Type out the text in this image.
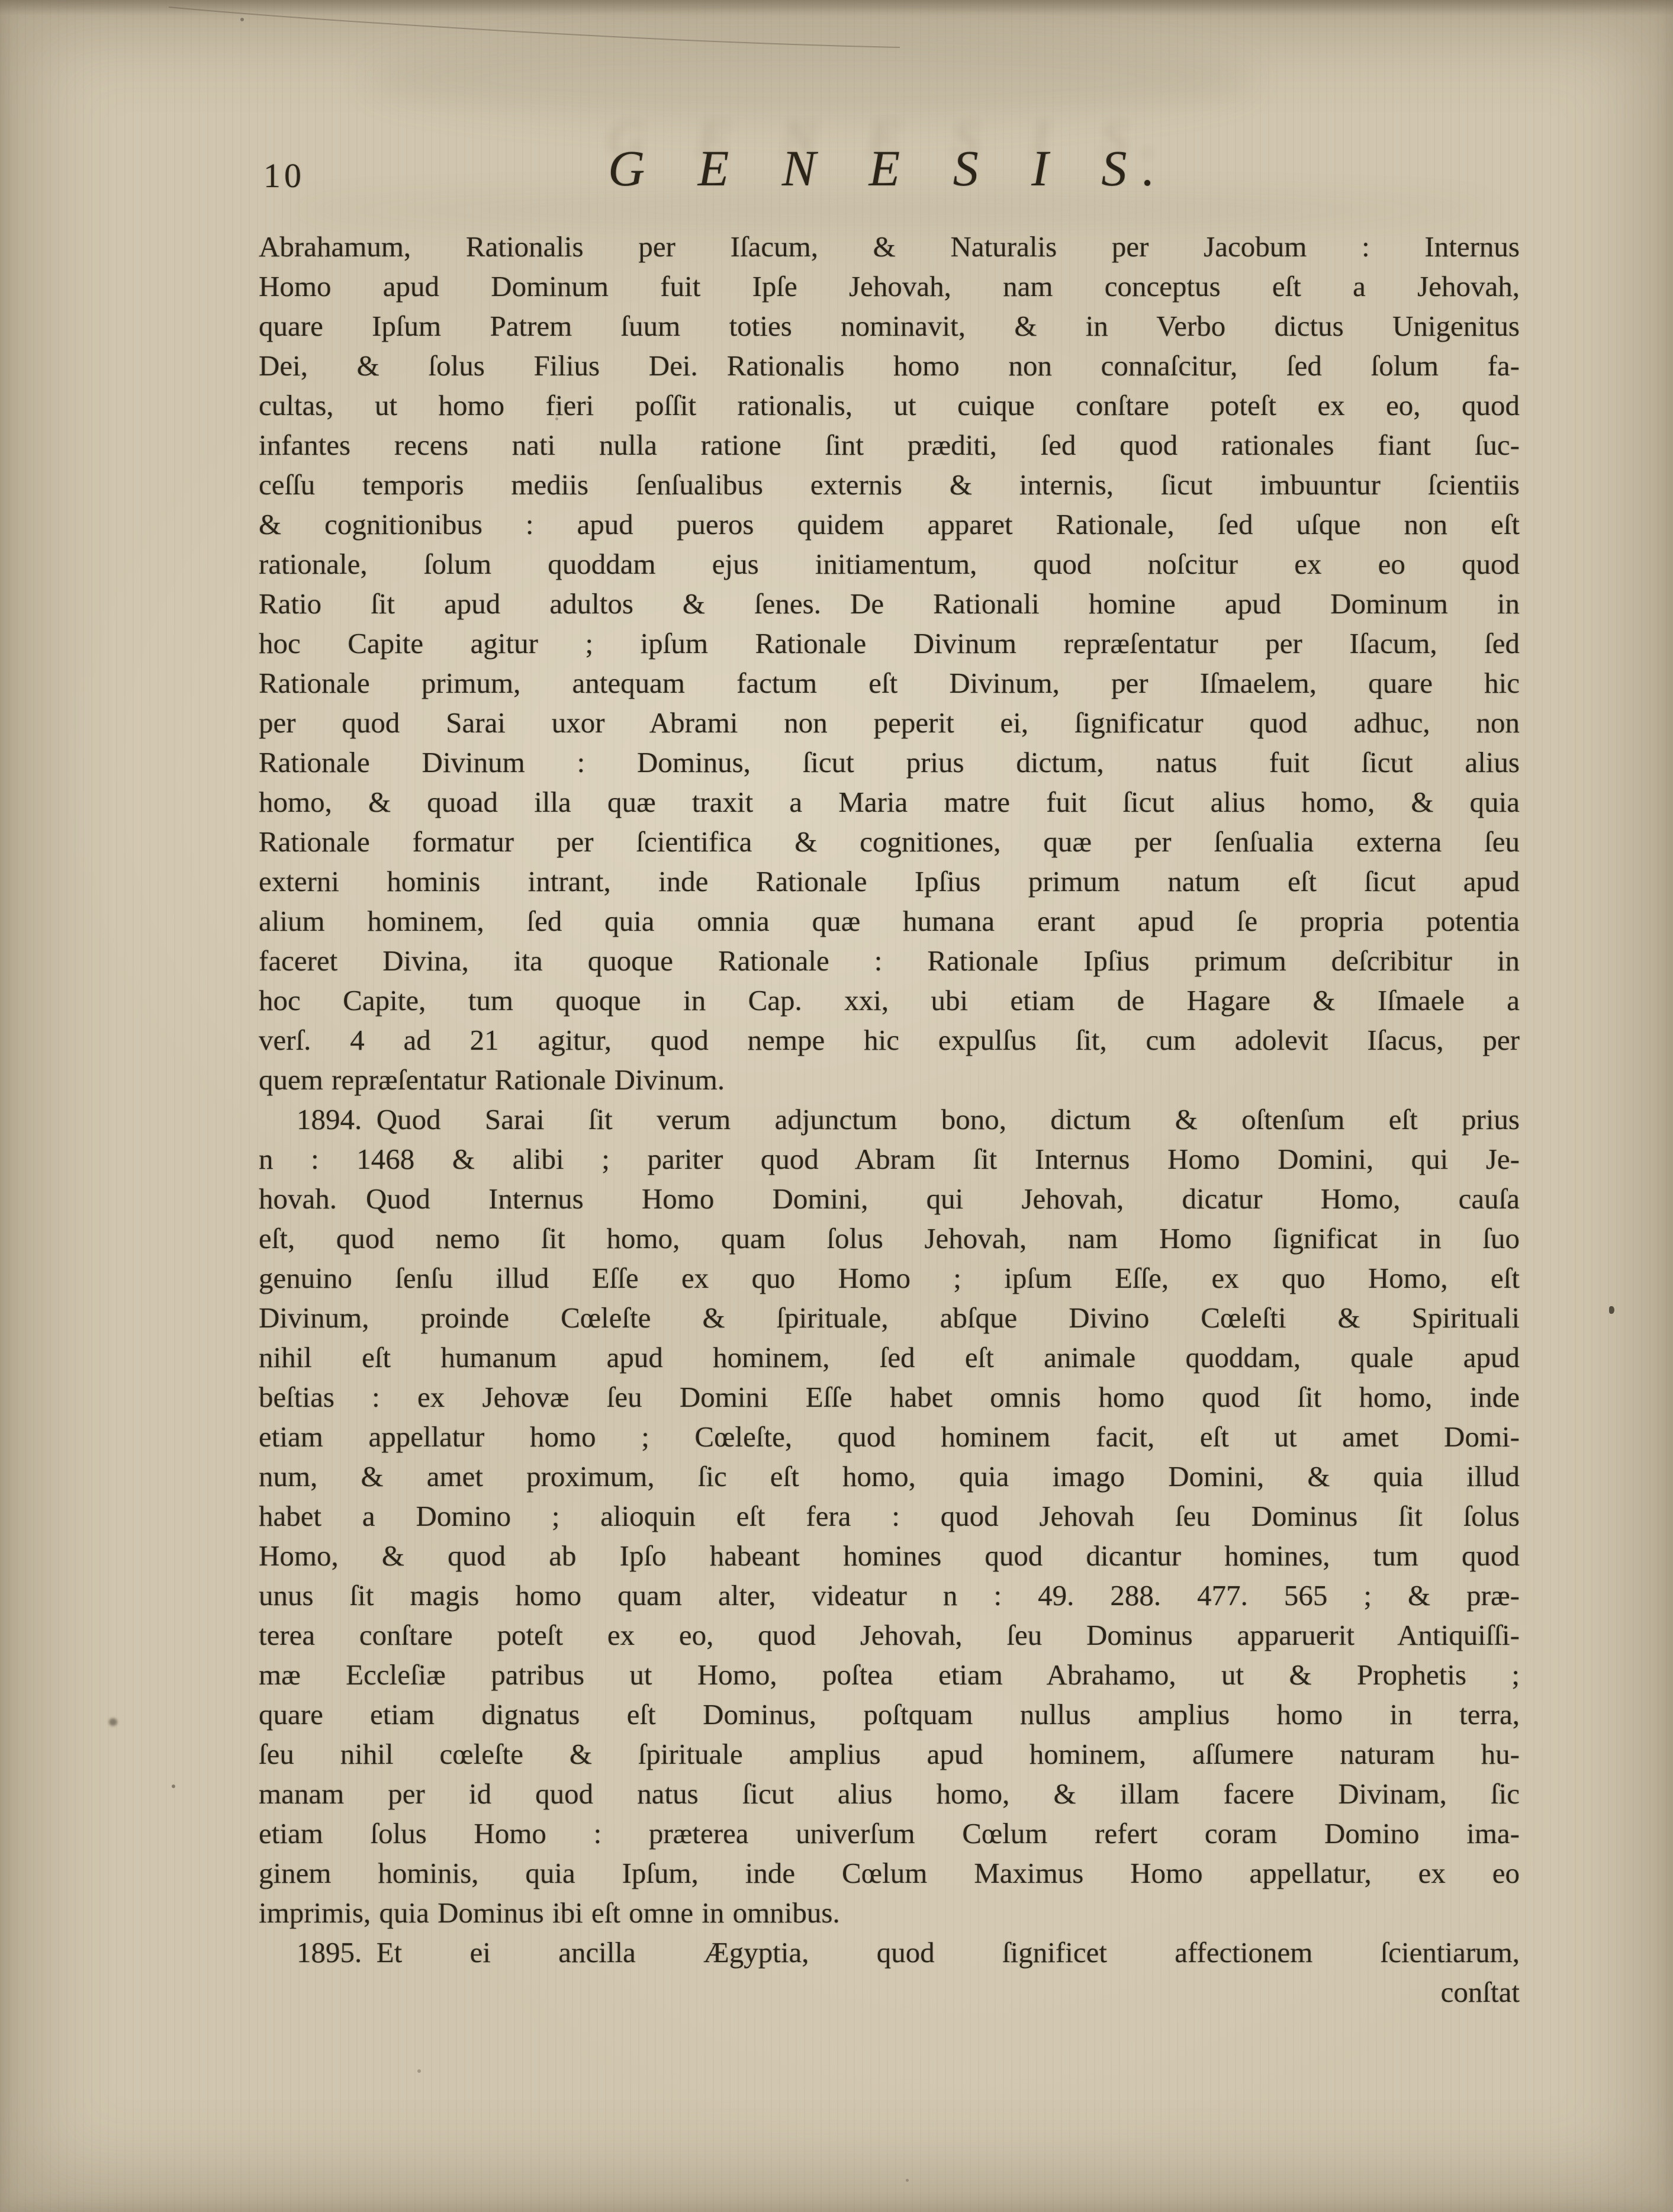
10	G E N E S I S.
Abrahamum, Rationalis per Iſacum, & Naturalis per Jacobum : Internus
Homo apud Dominum fuit Ipſe Jehovah, nam conceptus eſt a Jehovah,
quare Ipſum Patrem ſuum toties nominavit, & in Verbo dictus Unigenitus
Dei, & ſolus Filius Dei. Rationalis homo non connaſcitur, ſed ſolum fa-
cultas, ut homo fieri poſſit rationalis, ut cuique conſtare poteſt ex eo, quod
infantes recens nati nulla ratione ſint præditi, ſed quod rationales fiant ſuc-
ceſſu temporis mediis ſenſualibus externis & internis, ſicut imbuuntur ſcientiis
& cognitionibus : apud pueros quidem apparet Rationale, ſed uſque non eſt
rationale, ſolum quoddam ejus initiamentum, quod noſcitur ex eo quod
Ratio ſit apud adultos & ſenes. De Rationali homine apud Dominum in
hoc Capite agitur ; ipſum Rationale Divinum repræſentatur per Iſacum, ſed
Rationale primum, antequam factum eſt Divinum, per Iſmaelem, quare hic
per quod Sarai uxor Abrami non peperit ei, ſignificatur quod adhuc, non
Rationale Divinum : Dominus, ſicut prius dictum, natus fuit ſicut alius
homo, & quoad illa quæ traxit a Maria matre fuit ſicut alius homo, & quia
Rationale formatur per ſcientifica & cognitiones, quæ per ſenſualia externa ſeu
externi hominis intrant, inde Rationale Ipſius primum natum eſt ſicut apud
alium hominem, ſed quia omnia quæ humana erant apud ſe propria potentia
faceret Divina, ita quoque Rationale : Rationale Ipſius primum deſcribitur in
hoc Capite, tum quoque in Cap. xxi, ubi etiam de Hagare & Iſmaele a
verſ. 4 ad 21 agitur, quod nempe hic expulſus ſit, cum adolevit Iſacus, per
quem repræſentatur Rationale Divinum.
1894. Quod Sarai ſit verum adjunctum bono, dictum & oſtenſum eſt prius
n : 1468 & alibi ; pariter quod Abram ſit Internus Homo Domini, qui Je-
hovah. Quod Internus Homo Domini, qui Jehovah, dicatur Homo, cauſa
eſt, quod nemo ſit homo, quam ſolus Jehovah, nam Homo ſignificat in ſuo
genuino ſenſu illud Eſſe ex quo Homo ; ipſum Eſſe, ex quo Homo, eſt
Divinum, proinde Cœleſte & ſpirituale, abſque Divino Cœleſti & Spirituali
nihil eſt humanum apud hominem, ſed eſt animale quoddam, quale apud
beſtias : ex Jehovæ ſeu Domini Eſſe habet omnis homo quod ſit homo, inde
etiam appellatur homo ; Cœleſte, quod hominem facit, eſt ut amet Domi-
num, & amet proximum, ſic eſt homo, quia imago Domini, & quia illud
habet a Domino ; alioquin eſt fera : quod Jehovah ſeu Dominus ſit ſolus
Homo, & quod ab Ipſo habeant homines quod dicantur homines, tum quod
unus ſit magis homo quam alter, videatur n : 49. 288. 477. 565 ; & præ-
terea conſtare poteſt ex eo, quod Jehovah, ſeu Dominus apparuerit Antiquiſſi-
mæ Eccleſiæ patribus ut Homo, poſtea etiam Abrahamo, ut & Prophetis ;
quare etiam dignatus eſt Dominus, poſtquam nullus amplius homo in terra,
ſeu nihil cœleſte & ſpirituale amplius apud hominem, aſſumere naturam hu-
manam per id quod natus ſicut alius homo, & illam facere Divinam, ſic
etiam ſolus Homo : præterea univerſum Cœlum refert coram Domino ima-
ginem hominis, quia Ipſum, inde Cœlum Maximus Homo appellatur, ex eo
imprimis, quia Dominus ibi eſt omne in omnibus.
1895. Et ei ancilla Ægyptia, quod ſignificet affectionem ſcientiarum,
conſtat
